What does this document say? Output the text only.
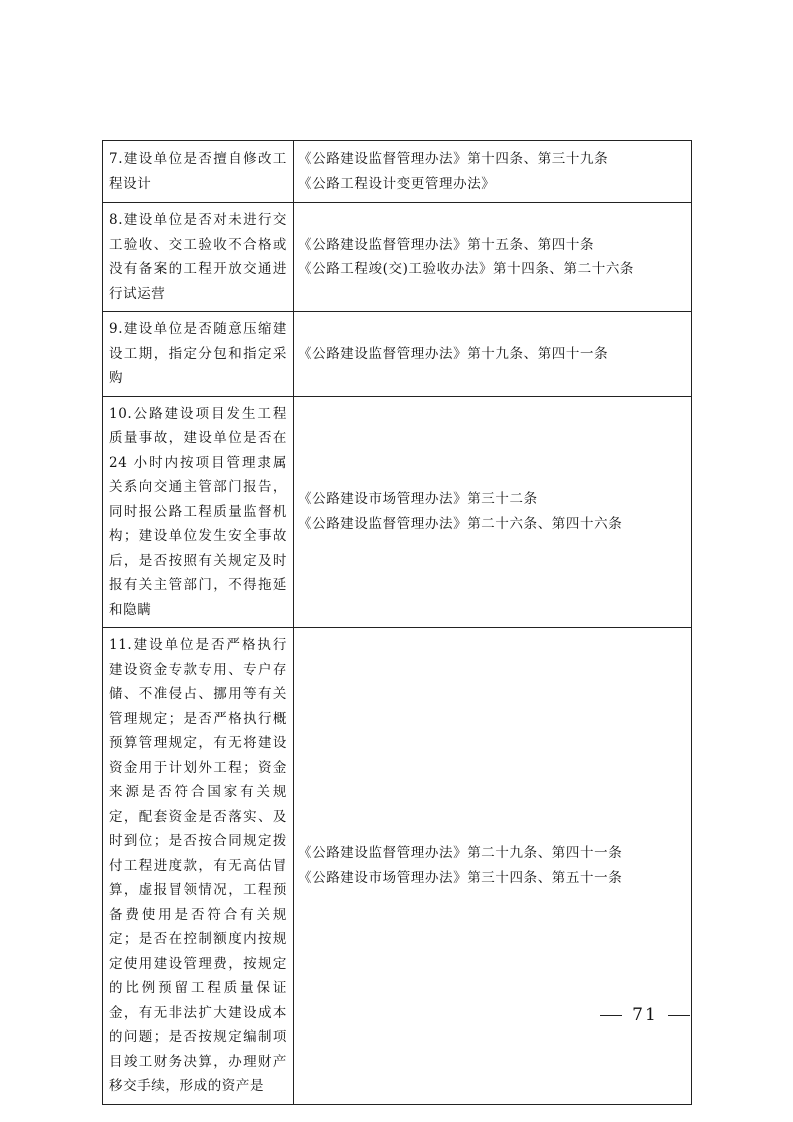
7.建设单位是否擅自修改工程设计	《公路建设监督管理办法》第十四条、第三十九条
《公路工程设计变更管理办法》

8.建设单位是否对未进行交工验收、交工验收不合格或没有备案的工程开放交通进行试运营	《公路建设监督管理办法》第十五条、第四十条
《公路工程竣(交)工验收办法》第十四条、第二十六条

9.建设单位是否随意压缩建设工期，指定分包和指定采购	《公路建设监督管理办法》第十九条、第四十一条

10.公路建设项目发生工程质量事故，建设单位是否在 24 小时内按项目管理隶属关系向交通主管部门报告，同时报公路工程质量监督机构；建设单位发生安全事故后，是否按照有关规定及时报有关主管部门，不得拖延和隐瞒	《公路建设市场管理办法》第三十二条
《公路建设监督管理办法》第二十六条、第四十六条

11.建设单位是否严格执行建设资金专款专用、专户存储、不准侵占、挪用等有关管理规定；是否严格执行概预算管理规定，有无将建设资金用于计划外工程；资金来源是否符合国家有关规定，配套资金是否落实、及时到位；是否按合同规定拨付工程进度款，有无高估冒算，虚报冒领情况，工程预备费使用是否符合有关规定；是否在控制额度内按规定使用建设管理费，按规定的比例预留工程质量保证金，有无非法扩大建设成本的问题；是否按规定编制项目竣工财务决算，办理财产移交手续，形成的资产是	《公路建设监督管理办法》第二十九条、第四十一条
《公路建设市场管理办法》第三十四条、第五十一条
71
